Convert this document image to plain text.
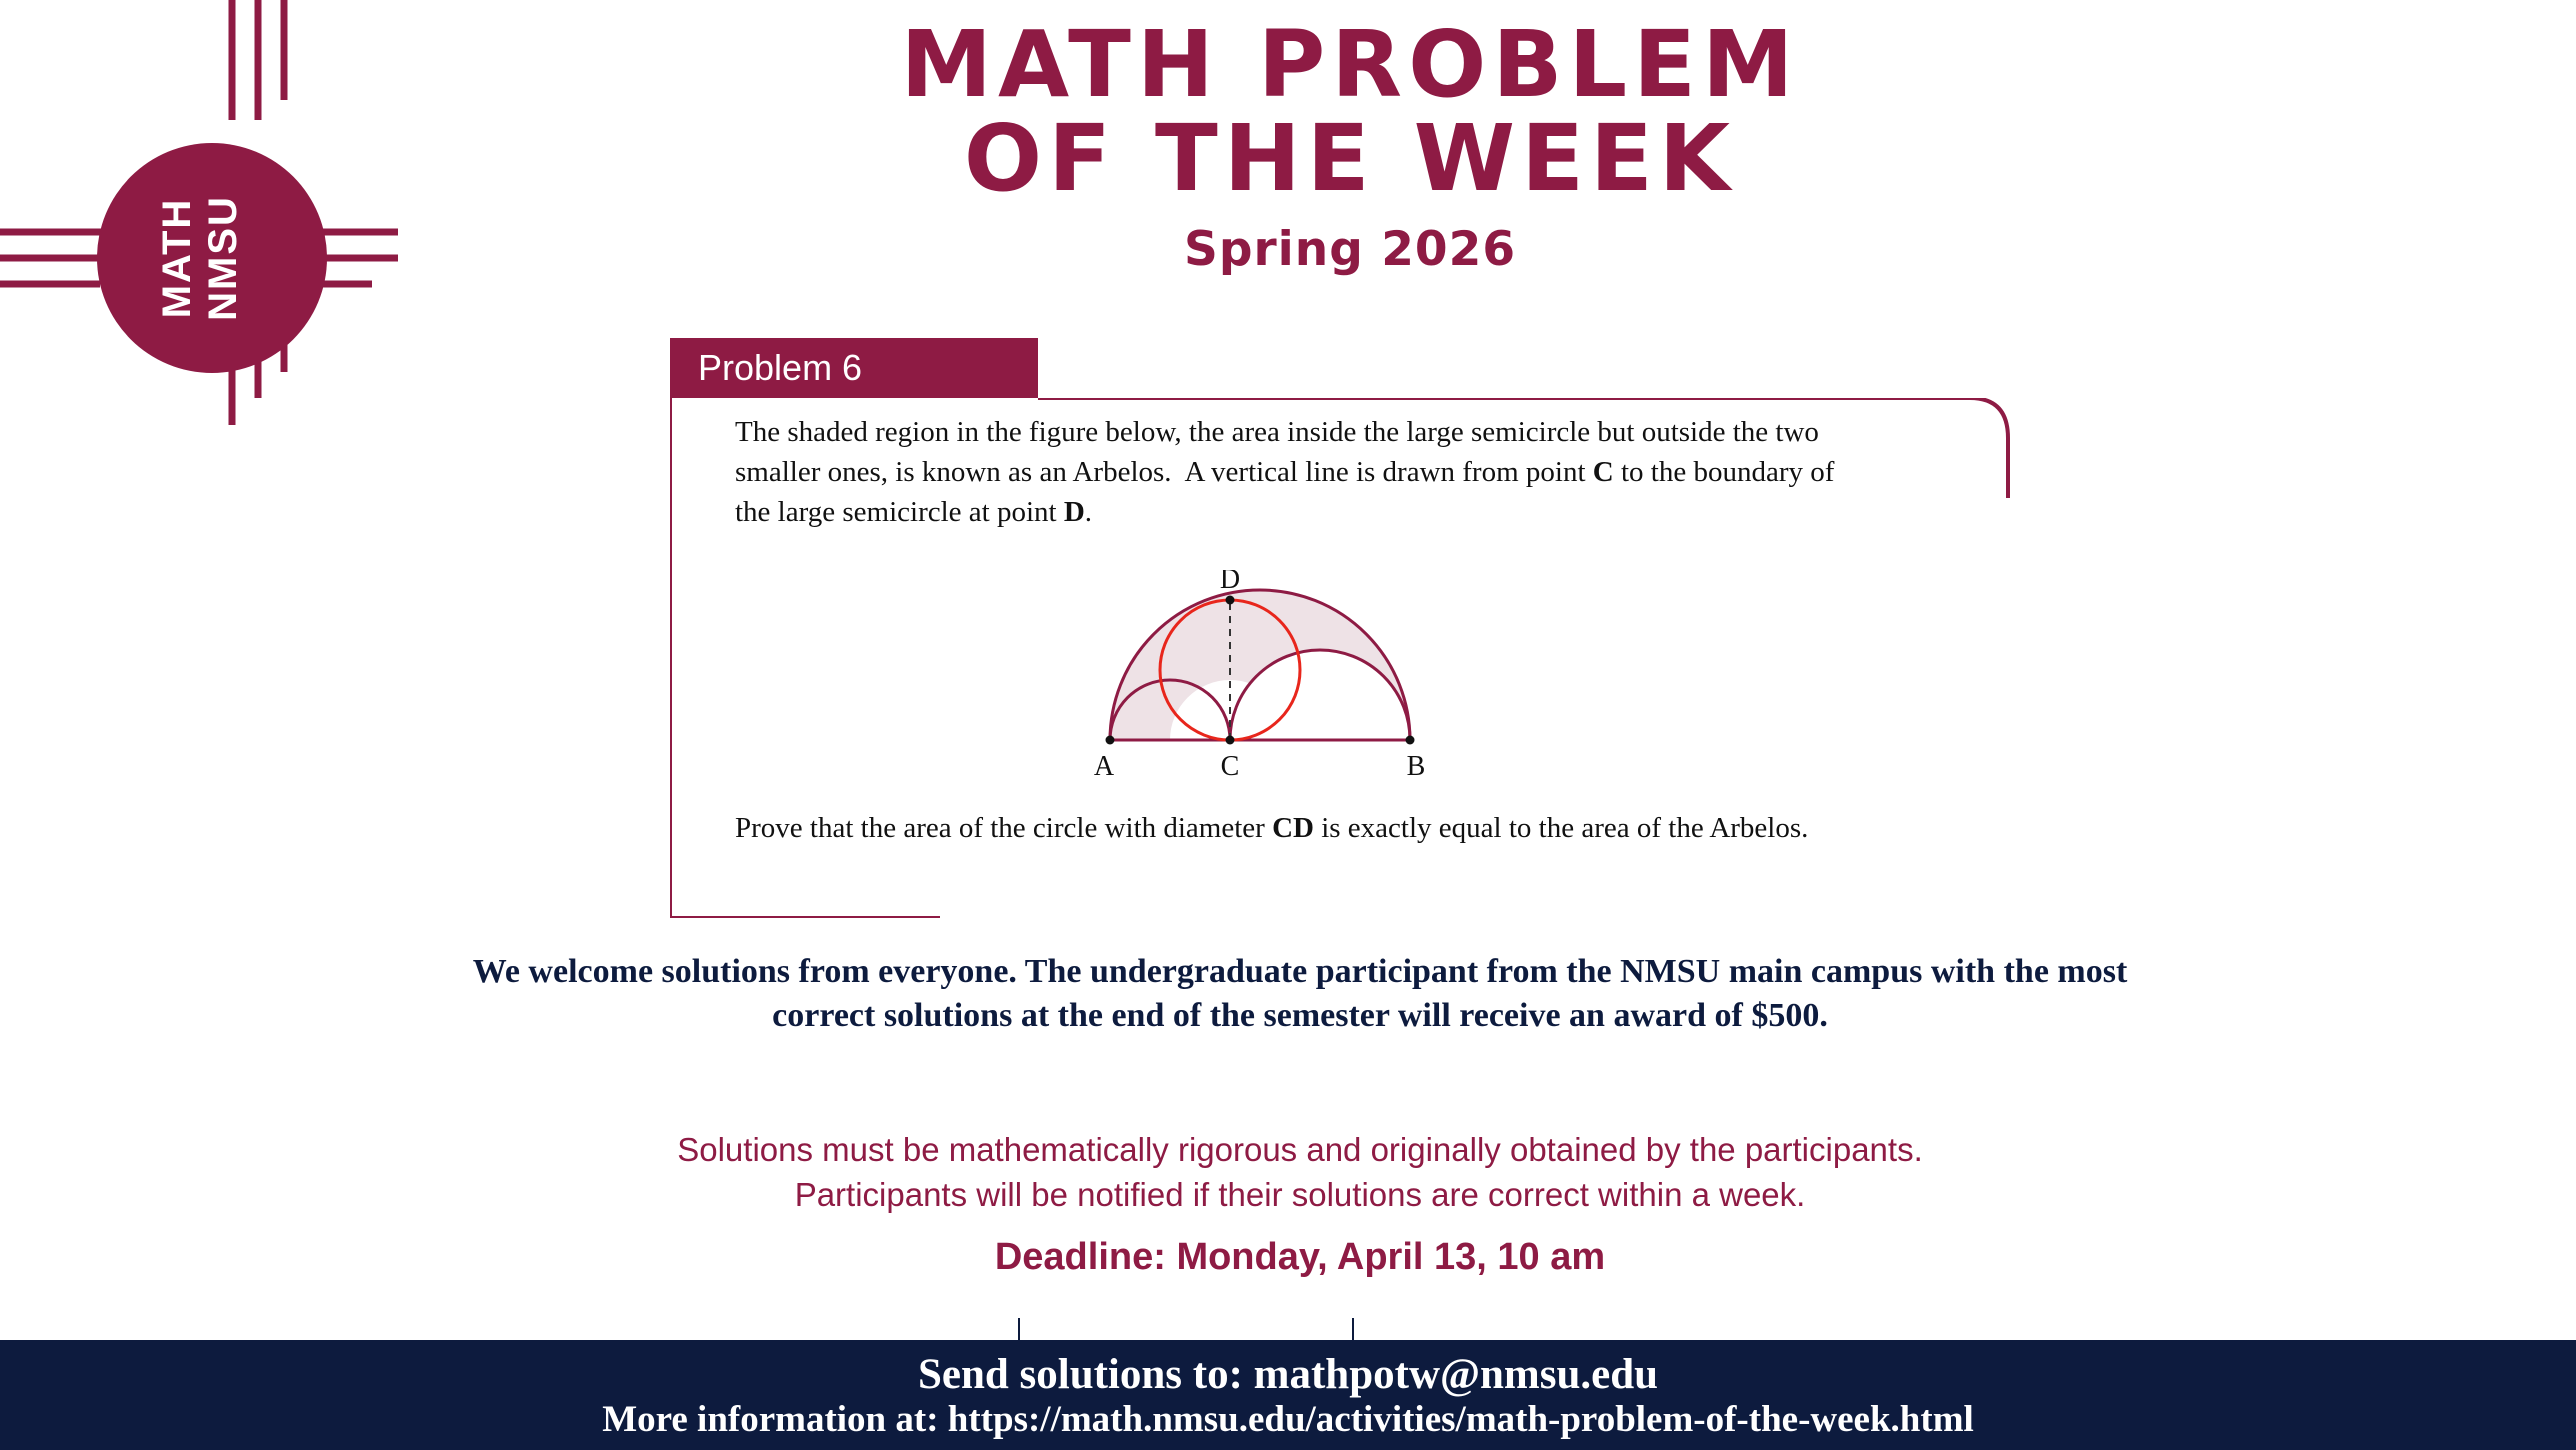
MATH NMSU
MATH PROBLEM
OF THE WEEK
Spring 2026
Problem 6
The shaded region in the figure below, the area inside the large semicircle but outside the two smaller ones, is known as an Arbelos.  A vertical line is drawn from point C to the boundary of the large semicircle at point D.
A	C	B
D
Prove that the area of the circle with diameter CD is exactly equal to the area of the Arbelos.
We welcome solutions from everyone. The undergraduate participant from the NMSU main campus with the most correct solutions at the end of the semester will receive an award of $500.
Solutions must be mathematically rigorous and originally obtained by the participants.
Participants will be notified if their solutions are correct within a week.
Deadline: Monday, April 13, 10 am
Send solutions to: mathpotw@nmsu.edu
More information at: https://math.nmsu.edu/activities/math-problem-of-the-week.html
